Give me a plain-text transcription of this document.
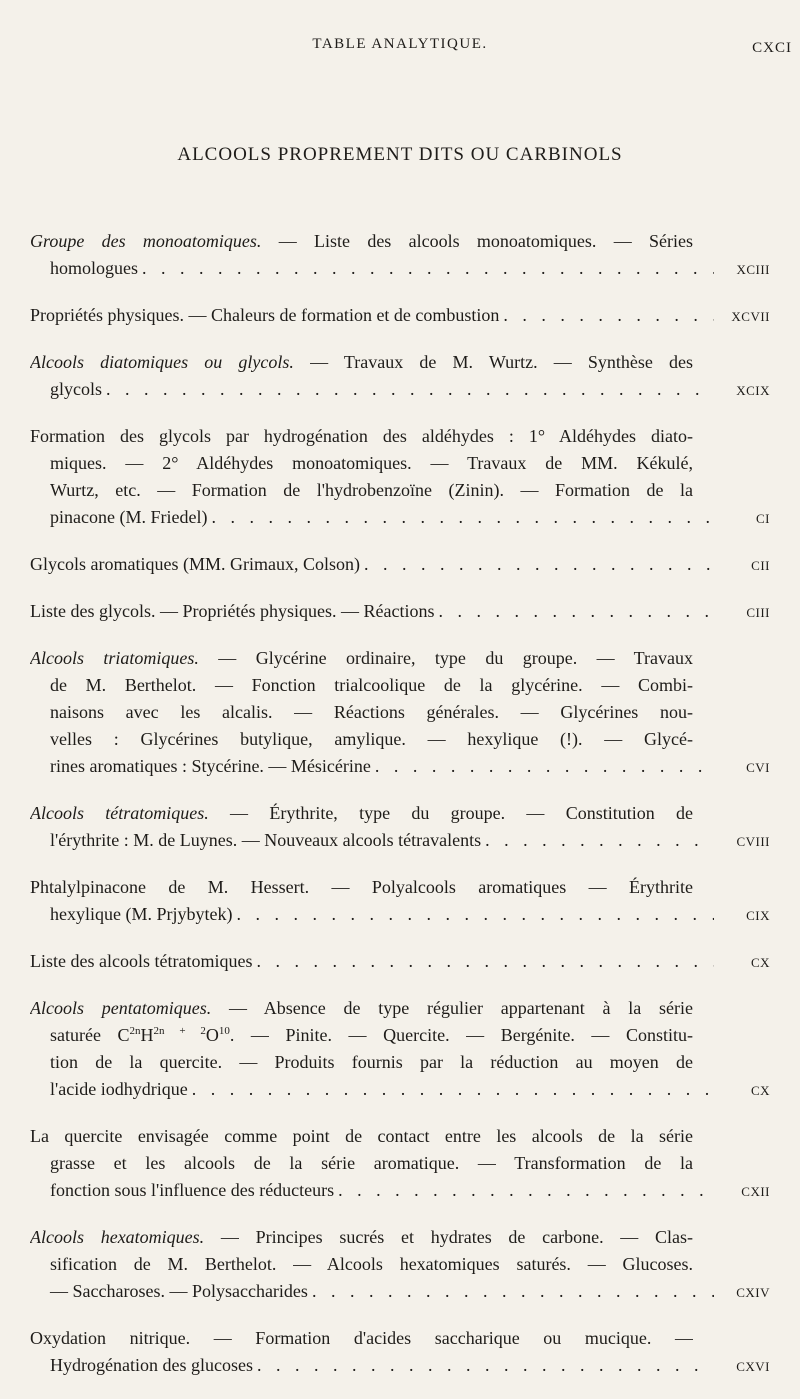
TABLE ANALYTIQUE.	CXCI
ALCOOLS PROPREMENT DITS OU CARBINOLS
Groupe des monoatomiques. — Liste des alcools monoatomiques. — Séries
homologues . . .	XCIII
Propriétés physiques. — Chaleurs de formation et de combustion . . .	XCVII
Alcools diatomiques ou glycols. — Travaux de M. Wurtz. — Synthèse des
glycols . . .	XCIX
Formation des glycols par hydrogénation des aldéhydes : 1° Aldéhydes diato-
miques. — 2° Aldéhydes monoatomiques. — Travaux de MM. Kékulé,
Wurtz, etc. — Formation de l'hydrobenzoïne (Zinin). — Formation de la
pinacone (M. Friedel) . . .	CI
Glycols aromatiques (MM. Grimaux, Colson) . . .	CII
Liste des glycols. — Propriétés physiques. — Réactions . . .	CIII
Alcools triatomiques. — Glycérine ordinaire, type du groupe. — Travaux
de M. Berthelot. — Fonction trialcoolique de la glycérine. — Combi-
naisons avec les alcalis. — Réactions générales. — Glycérines nou-
velles : Glycérines butylique, amylique. — hexylique (!). — Glycé-
rines aromatiques : Stycérine. — Mésicérine . . .	CVI
Alcools tétratomiques. — Érythrite, type du groupe. — Constitution de
l'érythrite : M. de Luynes. — Nouveaux alcools tétravalents . . .	CVIII
Phtalylpinacone de M. Hessert. — Polyalcools aromatiques — Érythrite
hexylique (M. Prjybytek) . . .	CIX
Liste des alcools tétratomiques . . .	CX
Alcools pentatomiques. — Absence de type régulier appartenant à la série
saturée $C^{2n}H^{2n + 2}O^{10}$. — Pinite. — Quercite. — Bergénite. — Constitu-
tion de la quercite. — Produits fournis par la réduction au moyen de
l'acide iodhydrique . . .	CX
La quercite envisagée comme point de contact entre les alcools de la série
grasse et les alcools de la série aromatique. — Transformation de la
fonction sous l'influence des réducteurs . . .	CXII
Alcools hexatomiques. — Principes sucrés et hydrates de carbone. — Clas-
sification de M. Berthelot. — Alcools hexatomiques saturés. — Glucoses.
— Saccharoses. — Polysaccharides . . .	CXIV
Oxydation nitrique. — Formation d'acides saccharique ou mucique. —
Hydrogénation des glucoses . . .	CXVI
